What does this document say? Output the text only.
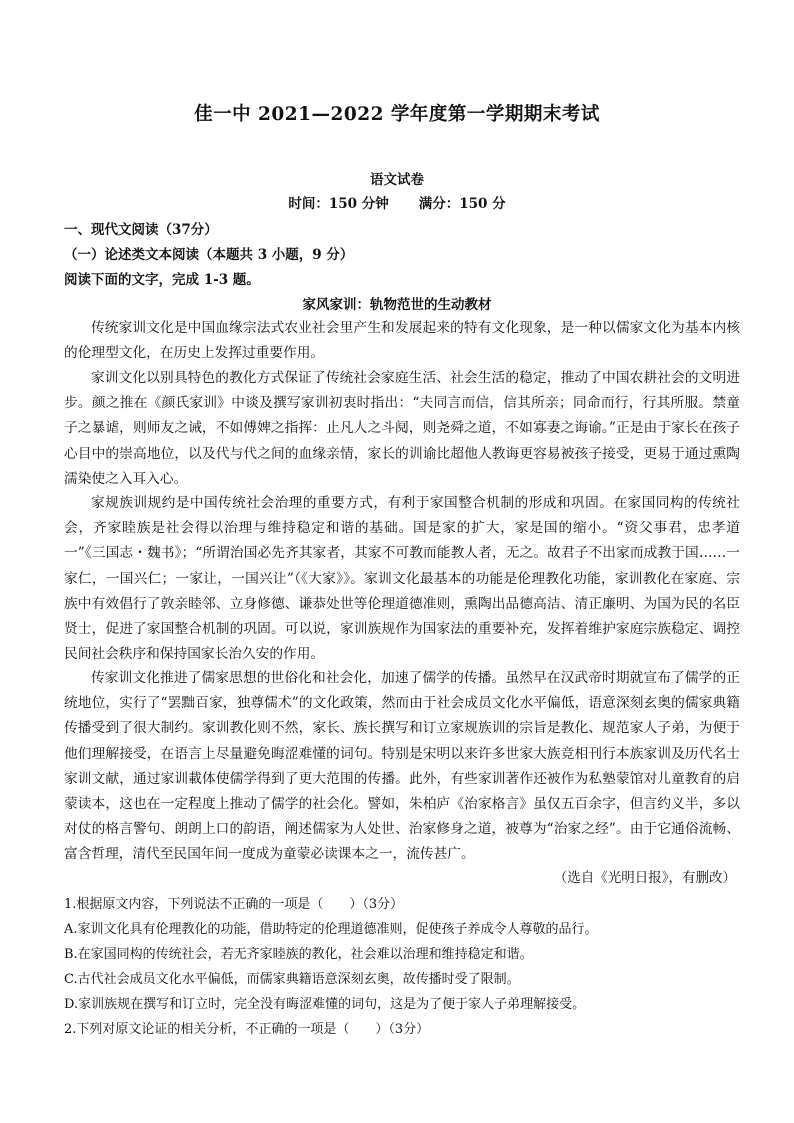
佳一中 2021—2022 学年度第一学期期末考试
语文试卷
时间：150 分钟 满分：150 分
一、现代文阅读（37分）
（一）论述类文本阅读（本题共 3 小题，9 分）
阅读下面的文字，完成 1-3 题。
家风家训：轨物范世的生动教材
传统家训文化是中国血缘宗法式农业社会里产生和发展起来的特有文化现象，是一种以儒家文化为基本内核的伦理型文化，在历史上发挥过重要作用。
家训文化以别具特色的教化方式保证了传统社会家庭生活、社会生活的稳定，推动了中国农耕社会的文明进步。颜之推在《颜氏家训》中谈及撰写家训初衷时指出：“夫同言而信，信其所亲；同命而行，行其所服。禁童子之暴谑，则师友之诫，不如傅婢之指挥：止凡人之斗阋，则尧舜之道，不如寡妻之诲谕。”正是由于家长在孩子心目中的崇高地位，以及代与代之间的血缘亲情，家长的训谕比超他人教诲更容易被孩子接受，更易于通过熏陶濡染使之入耳入心。
家规族训规约是中国传统社会治理的重要方式，有利于家国整合机制的形成和巩固。在家国同构的传统社会，齐家睦族是社会得以治理与维持稳定和谐的基础。国是家的扩大，家是国的缩小。“资父事君，忠孝道一”《三国志・魏书》；“所谓治国必先齐其家者，其家不可教而能教人者，无之。故君子不出家而成教于国……一家仁，一国兴仁；一家让，一国兴让”（《大家》》。家训文化最基本的功能是伦理教化功能，家训教化在家庭、宗族中有效倡行了敦亲睦邻、立身修德、谦恭处世等伦理道德准则，熏陶出品德高洁、清正廉明、为国为民的名臣贤士，促进了家国整合机制的巩固。可以说，家训族规作为国家法的重要补充，发挥着维护家庭宗族稳定、调控民间社会秩序和保持国家长治久安的作用。
传家训文化推进了儒家思想的世俗化和社会化，加速了儒学的传播。虽然早在汉武帝时期就宣布了儒学的正统地位，实行了“罢黜百家，独尊儒术”的文化政策，然而由于社会成员文化水平偏低，语意深刻玄奥的儒家典籍传播受到了很大制约。家训教化则不然，家长、族长撰写和订立家规族训的宗旨是教化、规范家人子弟，为便于他们理解接受，在语言上尽量避免晦涩难懂的词句。特别是宋明以来许多世家大族竞相刊行本族家训及历代名士家训文献，通过家训載体使儒学得到了更大范围的传播。此外，有些家训著作还被作为私塾蒙馆对儿童教育的启蒙读本，这也在一定程度上推动了儒学的社会化。譬如，朱柏庐《治家格言》虽仅五百余字，但言约义半，多以对仗的格言警句、朗朗上口的韵语，阐述儒家为人处世、治家修身之道，被尊为“治家之经”。由于它通俗流畅、富含哲理，清代至民国年间一度成为童蒙必读课本之一，流传甚广。
（选自《光明日报》，有删改）
1.根据原文内容，下列说法不正确的一项是（　　）（3分）
A.家训文化具有伦理教化的功能，借助特定的伦理道德准则，促使孩子养成令人尊敬的品行。
B.在家国同构的传统社会，若无齐家睦族的教化，社会难以治理和维持稳定和谐。
C.古代社会成员文化水平偏低，而儒家典籍语意深刻玄奥，故传播时受了限制。
D.家训族规在撰写和订立时，完全没有晦涩难懂的词句，这是为了便于家人子弟理解接受。
2.下列对原文论证的相关分析，不正确的一项是（　　）（3分）
